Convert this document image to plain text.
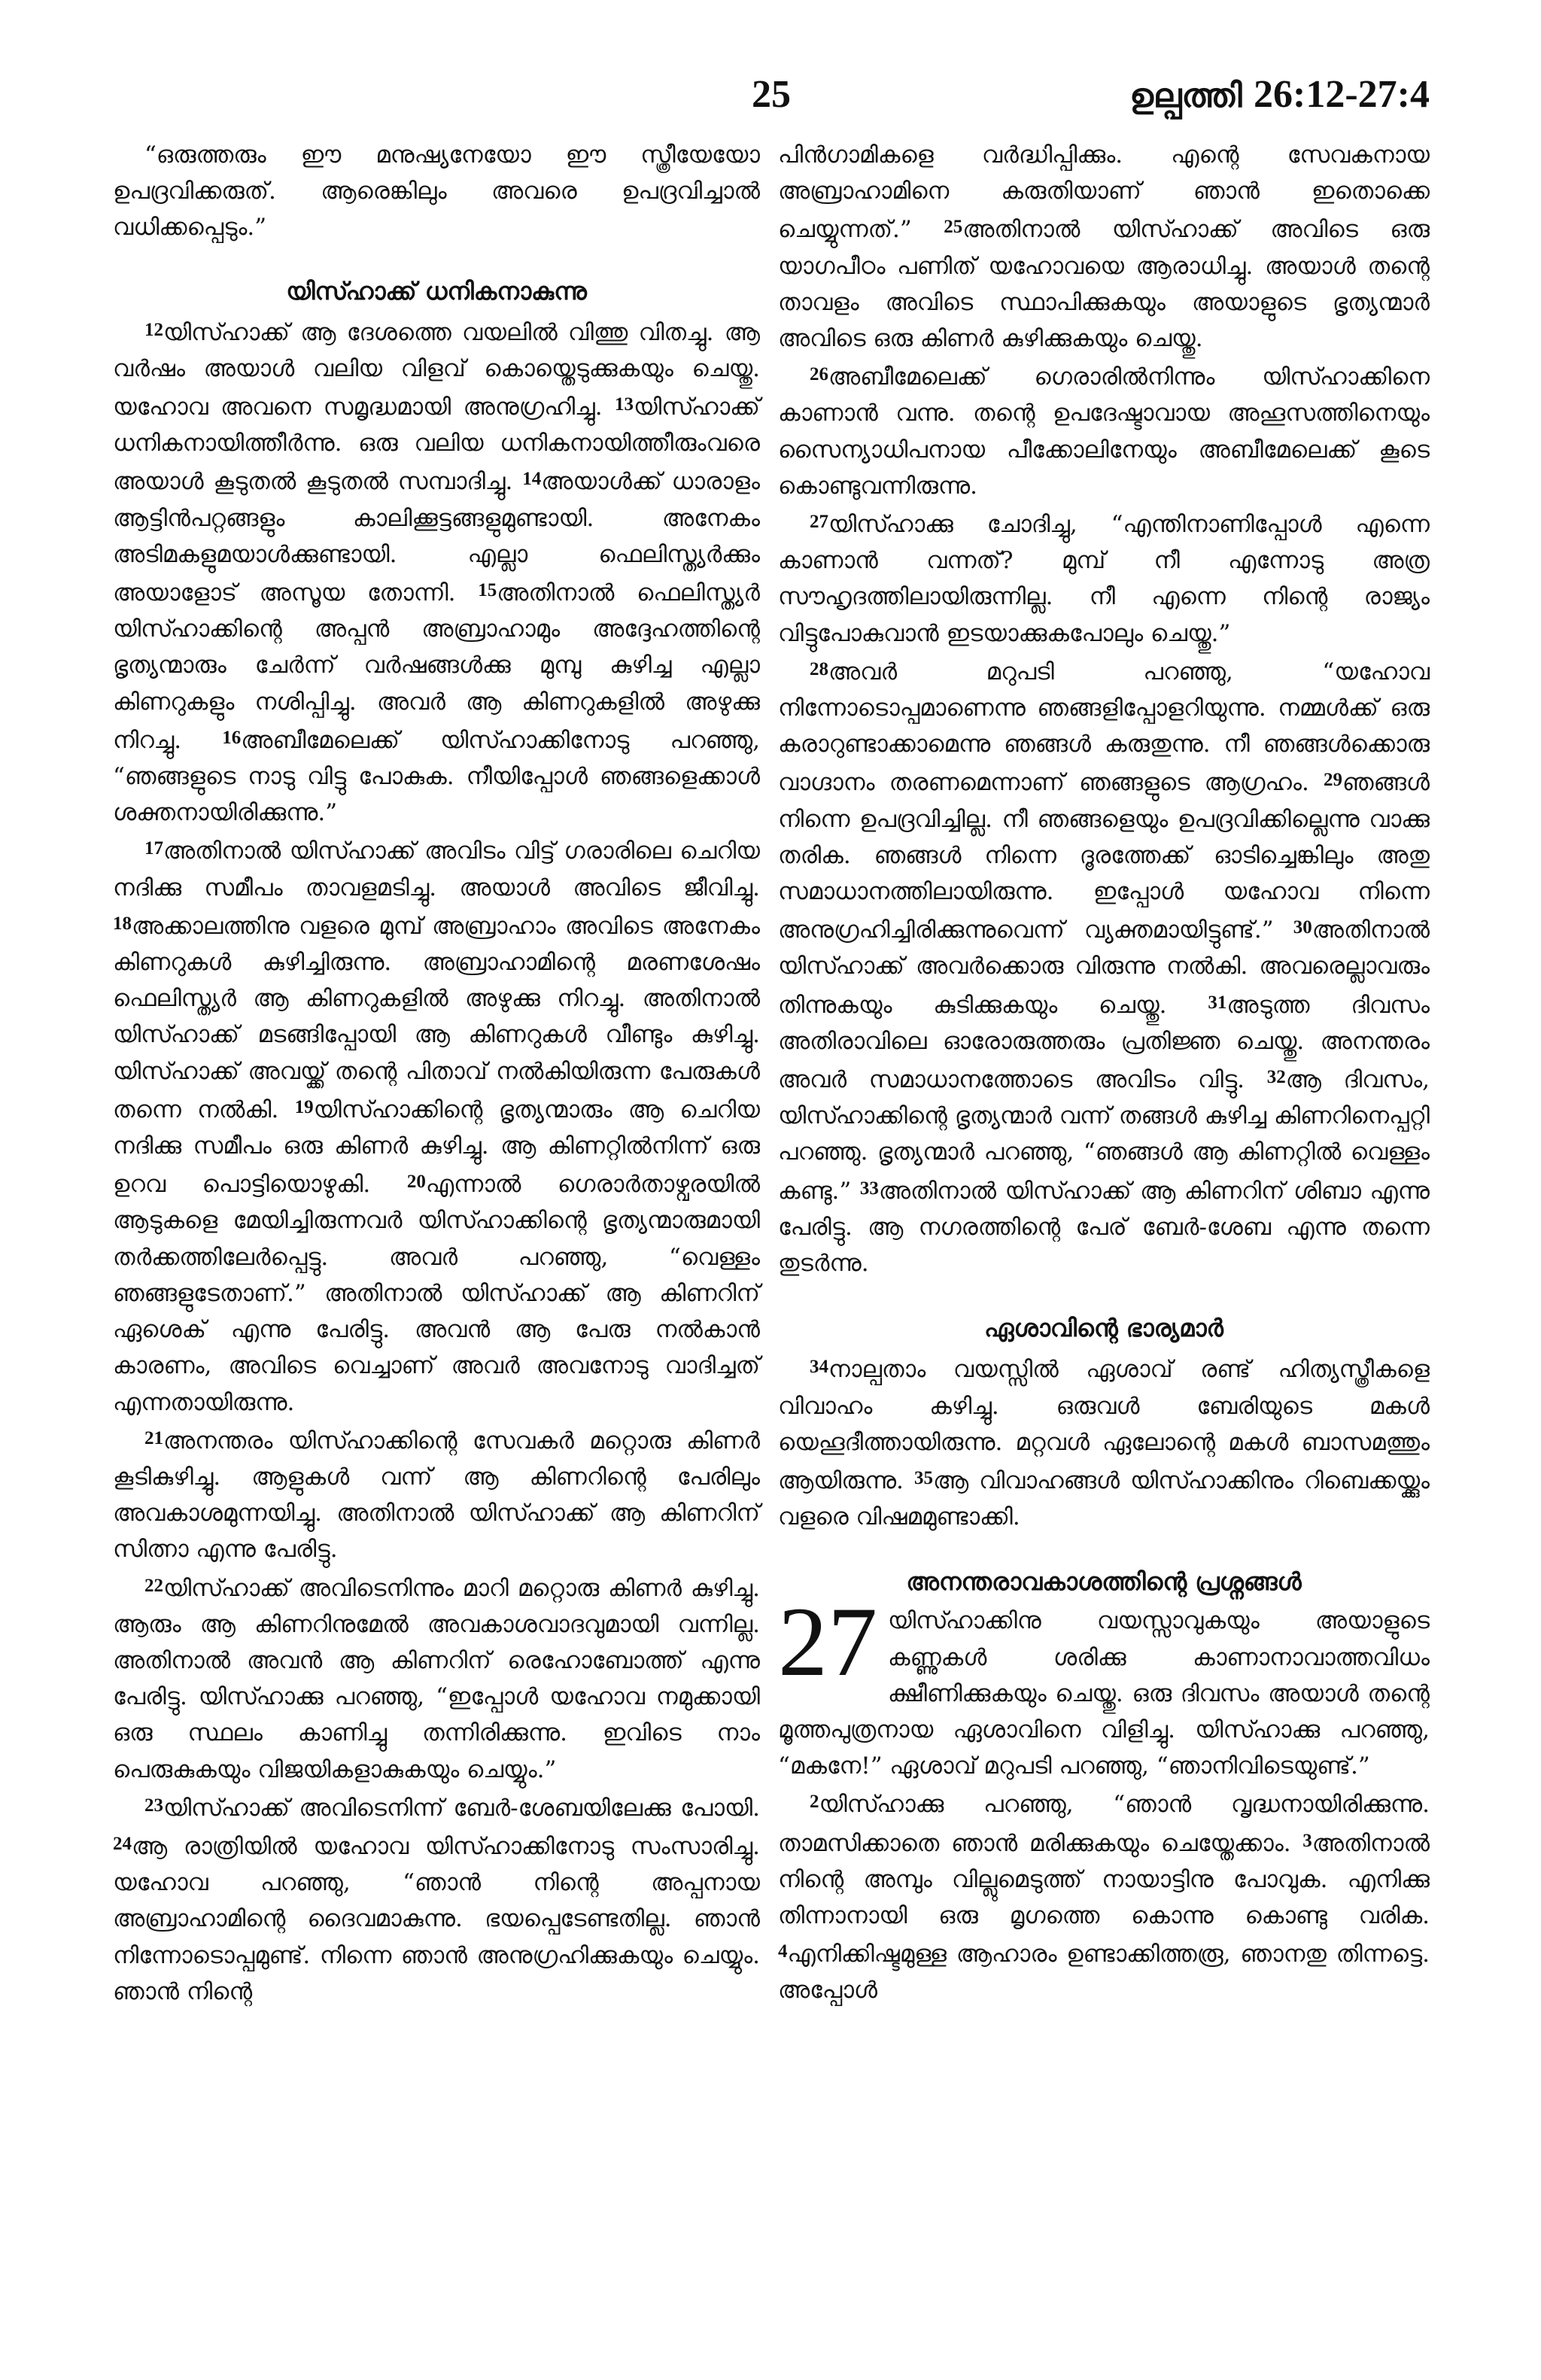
25	ഉല്പത്തി 26:12-27:4

“ഒരുത്തരും ഈ മനുഷ്യനേയോ ഈ സ്ത്രീയേയോ ഉപദ്രവിക്കരുത്. ആരെങ്കിലും അവരെ ഉപദ്രവിച്ചാൽ വധിക്കപ്പെടും.”

യിസ്ഹാക്ക് ധനികനാകുന്നു

12യിസ്ഹാക്ക് ആ ദേശത്തെ വയലിൽ വിത്തു വിതച്ചു. ആ വർഷം അയാൾ വലിയ വിളവ് കൊയ്തെടുക്കുകയും ചെയ്തു. യഹോവ അവനെ സമൃദ്ധമായി അനുഗ്രഹിച്ചു. 13യിസ്ഹാക്ക് ധനികനായിത്തീർന്നു. ഒരു വലിയ ധനികനായിത്തീരുംവരെ അയാൾ കൂടുതൽ കൂടുതൽ സമ്പാദിച്ചു. 14അയാൾക്ക് ധാരാളം ആട്ടിൻപറ്റങ്ങളും കാലിക്കൂട്ടങ്ങളുമുണ്ടായി. അനേകം അടിമകളുമയാൾക്കുണ്ടായി. എല്ലാ ഫെലിസ്ത്യർക്കും അയാളോട് അസൂയ തോന്നി. 15അതിനാൽ ഫെലിസ്ത്യർ യിസ്ഹാക്കിന്റെ അപ്പൻ അബ്രാഹാമും അദ്ദേഹത്തിന്റെ ഭൃത്യന്മാരും ചേർന്ന് വർഷങ്ങൾക്കു മുമ്പു കുഴിച്ച എല്ലാ കിണറുകളും നശിപ്പിച്ചു. അവർ ആ കിണറുകളിൽ അഴുക്കു നിറച്ചു. 16അബീമേലെക്ക് യിസ്ഹാക്കിനോടു പറഞ്ഞു, “ഞങ്ങളുടെ നാടു വിട്ടു പോകുക. നീയിപ്പോൾ ഞങ്ങളെക്കാൾ ശക്തനായിരിക്കുന്നു.”

17അതിനാൽ യിസ്ഹാക്ക് അവിടം വിട്ട് ഗരാരിലെ ചെറിയ നദിക്കു സമീപം താവളമടിച്ചു. അയാൾ അവിടെ ജീവിച്ചു. 18അക്കാലത്തിനു വളരെ മുമ്പ് അബ്രാഹാം അവിടെ അനേകം കിണറുകൾ കുഴിച്ചിരുന്നു. അബ്രാഹാമിന്റെ മരണശേഷം ഫെലിസ്ത്യർ ആ കിണറുകളിൽ അഴുക്കു നിറച്ചു. അതിനാൽ യിസ്ഹാക്ക് മടങ്ങിപ്പോയി ആ കിണറുകൾ വീണ്ടും കുഴിച്ചു. യിസ്ഹാക്ക് അവയ്ക്ക് തന്റെ പിതാവ് നൽകിയിരുന്ന പേരുകൾ തന്നെ നൽകി. 19യിസ്ഹാക്കിന്റെ ഭൃത്യന്മാരും ആ ചെറിയ നദിക്കു സമീപം ഒരു കിണർ കുഴിച്ചു. ആ കിണറ്റിൽനിന്ന് ഒരു ഉറവ പൊട്ടിയൊഴുകി. 20എന്നാൽ ഗെരാർതാഴ്വരയിൽ ആടുകളെ മേയിച്ചിരുന്നവർ യിസ്ഹാക്കിന്റെ ഭൃത്യന്മാരുമായി തർക്കത്തിലേർപ്പെട്ടു. അവർ പറഞ്ഞു, “വെള്ളം ഞങ്ങളുടേതാണ്.” അതിനാൽ യിസ്ഹാക്ക് ആ കിണറിന് ഏശെക് എന്നു പേരിട്ടു. അവൻ ആ പേരു നൽകാൻ കാരണം, അവിടെ വെച്ചാണ് അവർ അവനോടു വാദിച്ചത് എന്നതായിരുന്നു.

21അനന്തരം യിസ്ഹാക്കിന്റെ സേവകർ മറ്റൊരു കിണർ കൂടികുഴിച്ചു. ആളുകൾ വന്ന് ആ കിണറിന്റെ പേരിലും അവകാശമുന്നയിച്ചു. അതിനാൽ യിസ്ഹാക്ക് ആ കിണറിന് സിത്നാ എന്നു പേരിട്ടു.

22യിസ്ഹാക്ക് അവിടെനിന്നും മാറി മറ്റൊരു കിണർ കുഴിച്ചു. ആരും ആ കിണറിനുമേൽ അവകാശവാദവുമായി വന്നില്ല. അതിനാൽ അവൻ ആ കിണറിന് രെഹോബോത്ത് എന്നു പേരിട്ടു. യിസ്ഹാക്കു പറഞ്ഞു, “ഇപ്പോൾ യഹോവ നമുക്കായി ഒരു സ്ഥലം കാണിച്ചു തന്നിരിക്കുന്നു. ഇവിടെ നാം പെരുകുകയും വിജയികളാകുകയും ചെയ്യും.”

23യിസ്ഹാക്ക് അവിടെനിന്ന് ബേർ-ശേബയിലേക്കു പോയി. 24ആ രാത്രിയിൽ യഹോവ യിസ്ഹാക്കിനോടു സംസാരിച്ചു. യഹോവ പറഞ്ഞു, “ഞാൻ നിന്റെ അപ്പനായ അബ്രാഹാമിന്റെ ദൈവമാകുന്നു. ഭയപ്പെടേണ്ടതില്ല. ഞാൻ നിന്നോടൊപ്പമുണ്ട്. നിന്നെ ഞാൻ അനുഗ്രഹിക്കുകയും ചെയ്യും. ഞാൻ നിന്റെ

പിൻഗാമികളെ വർദ്ധിപ്പിക്കും. എന്റെ സേവകനായ അബ്രാഹാമിനെ കരുതിയാണ് ഞാൻ ഇതൊക്കെ ചെയ്യുന്നത്.” 25അതിനാൽ യിസ്ഹാക്ക് അവിടെ ഒരു യാഗപീഠം പണിത് യഹോവയെ ആരാധിച്ചു. അയാൾ തന്റെ താവളം അവിടെ സ്ഥാപിക്കുകയും അയാളുടെ ഭൃത്യന്മാർ അവിടെ ഒരു കിണർ കുഴിക്കുകയും ചെയ്തു.

26അബീമേലെക്ക് ഗെരാരിൽനിന്നും യിസ്ഹാക്കിനെ കാണാൻ വന്നു. തന്റെ ഉപദേഷ്ടാവായ അഹൂസത്തിനെയും സൈന്യാധിപനായ പീക്കോലിനേയും അബീമേലെക്ക് കൂടെ കൊണ്ടുവന്നിരുന്നു.

27യിസ്ഹാക്കു ചോദിച്ചു, “എന്തിനാണിപ്പോൾ എന്നെ കാണാൻ വന്നത്? മുമ്പ് നീ എന്നോടു അത്ര സൗഹൃദത്തിലായിരുന്നില്ല. നീ എന്നെ നിന്റെ രാജ്യം വിട്ടുപോകുവാൻ ഇടയാക്കുകപോലും ചെയ്തു.”

28അവർ മറുപടി പറഞ്ഞു, “യഹോവ നിന്നോടൊപ്പമാണെന്നു ഞങ്ങളിപ്പോളറിയുന്നു. നമ്മൾക്ക് ഒരു കരാറുണ്ടാക്കാമെന്നു ഞങ്ങൾ കരുതുന്നു. നീ ഞങ്ങൾക്കൊരു വാഗ്ദാനം തരണമെന്നാണ് ഞങ്ങളുടെ ആഗ്രഹം. 29ഞങ്ങൾ നിന്നെ ഉപദ്രവിച്ചില്ല. നീ ഞങ്ങളെയും ഉപദ്രവിക്കില്ലെന്നു വാക്കു തരിക. ഞങ്ങൾ നിന്നെ ദൂരത്തേക്ക് ഓടിച്ചെങ്കിലും അതു സമാധാനത്തിലായിരുന്നു. ഇപ്പോൾ യഹോവ നിന്നെ അനുഗ്രഹിച്ചിരിക്കുന്നുവെന്ന് വ്യക്തമായിട്ടുണ്ട്.” 30അതിനാൽ യിസ്ഹാക്ക് അവർക്കൊരു വിരുന്നു നൽകി. അവരെല്ലാവരും തിന്നുകയും കുടിക്കുകയും ചെയ്തു. 31അടുത്ത ദിവസം അതിരാവിലെ ഓരോരുത്തരും പ്രതിജ്ഞ ചെയ്തു. അനന്തരം അവർ സമാധാനത്തോടെ അവിടം വിട്ടു. 32ആ ദിവസം, യിസ്ഹാക്കിന്റെ ഭൃത്യന്മാർ വന്ന് തങ്ങൾ കുഴിച്ച കിണറിനെപ്പറ്റി പറഞ്ഞു. ഭൃത്യന്മാർ പറഞ്ഞു, “ഞങ്ങൾ ആ കിണറ്റിൽ വെള്ളം കണ്ടു.” 33അതിനാൽ യിസ്ഹാക്ക് ആ കിണറിന് ശിബാ എന്നു പേരിട്ടു. ആ നഗരത്തിന്റെ പേര് ബേർ-ശേബ എന്നു തന്നെ തുടർന്നു.

ഏശാവിന്റെ ഭാര്യമാർ

34നാല്പതാം വയസ്സിൽ ഏശാവ് രണ്ട് ഹിത്യസ്ത്രീകളെ വിവാഹം കഴിച്ചു. ഒരുവൾ ബേരിയുടെ മകൾ യെഹൂദീത്തായിരുന്നു. മറ്റവൾ ഏലോന്റെ മകൾ ബാസമത്തും ആയിരുന്നു. 35ആ വിവാഹങ്ങൾ യിസ്ഹാക്കിനും റിബെക്കയ്ക്കും വളരെ വിഷമമുണ്ടാക്കി.

അനന്തരാവകാശത്തിന്റെ പ്രശ്നങ്ങൾ
27 യിസ്ഹാക്കിനു വയസ്സാവുകയും അയാളുടെ കണ്ണുകൾ ശരിക്കു കാണാനാവാത്തവിധം ക്ഷീണിക്കുകയും ചെയ്തു. ഒരു ദിവസം അയാൾ തന്റെ മൂത്തപുത്രനായ ഏശാവിനെ വിളിച്ചു. യിസ്ഹാക്കു പറഞ്ഞു, “മകനേ!” ഏശാവ് മറുപടി പറഞ്ഞു, “ഞാനിവിടെയുണ്ട്.”

2യിസ്ഹാക്കു പറഞ്ഞു, “ഞാൻ വൃദ്ധനായിരിക്കുന്നു. താമസിക്കാതെ ഞാൻ മരിക്കുകയും ചെയ്തേക്കാം. 3അതിനാൽ നിന്റെ അമ്പും വില്ലുമെടുത്ത് നായാട്ടിനു പോവുക. എനിക്കു തിന്നാനായി ഒരു മൃഗത്തെ കൊന്നു കൊണ്ടു വരിക. 4എനിക്കിഷ്ടമുള്ള ആഹാരം ഉണ്ടാക്കിത്തരൂ, ഞാനതു തിന്നട്ടെ. അപ്പോൾ
